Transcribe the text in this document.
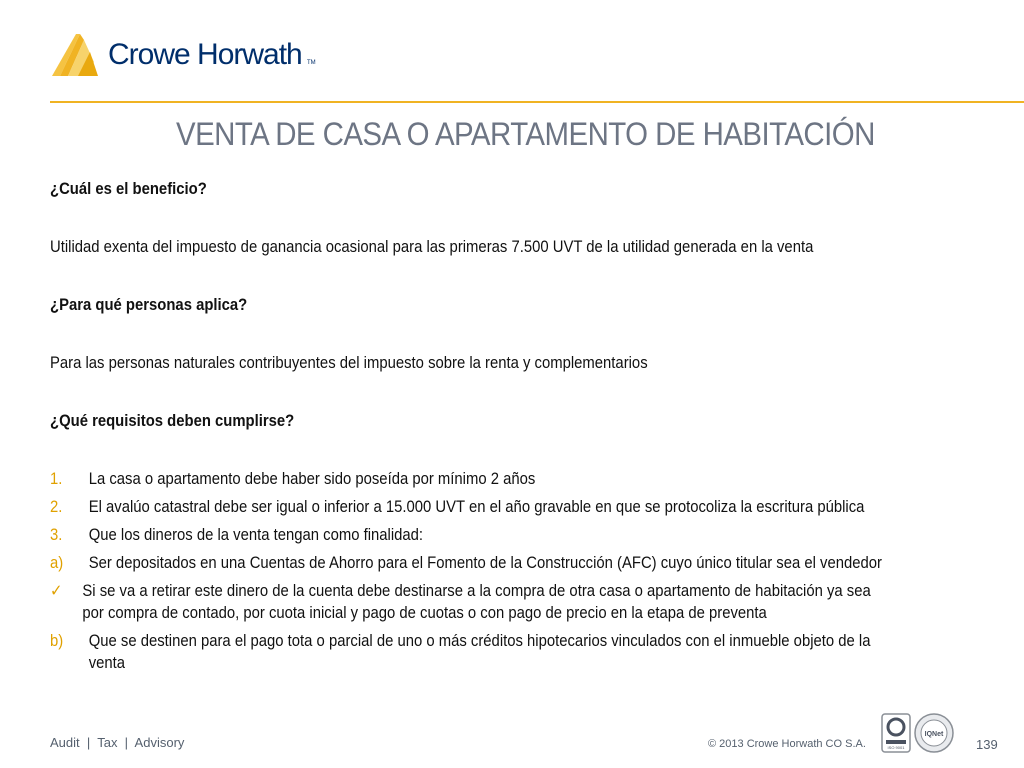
Crowe Horwath TM
VENTA DE CASA O APARTAMENTO DE HABITACIÓN

¿Cuál es el beneficio?

Utilidad exenta del impuesto de ganancia ocasional para las primeras 7.500 UVT de la utilidad generada en la venta

¿Para qué personas aplica?

Para las personas naturales contribuyentes del impuesto sobre la renta y complementarios

¿Qué requisitos deben cumplirse?

1.	La casa o apartamento debe haber sido poseída por mínimo 2 años
2.	El avalúo catastral debe ser igual o inferior a 15.000 UVT en el año gravable en que se protocoliza la escritura pública
3.	Que los dineros de la venta tengan como finalidad:
a)	Ser depositados en una Cuentas de Ahorro para el Fomento de la Construcción (AFC) cuyo único titular sea el vendedor
✓	Si se va a retirar este dinero de la cuenta debe destinarse a la compra de otra casa o apartamento de habitación ya sea por compra de contado, por cuota inicial y pago de cuotas o con pago de precio en la etapa de preventa
b)	Que se destinen para el pago tota o parcial de uno o más créditos hipotecarios vinculados con el inmueble objeto de la venta
Audit  |  Tax  |  Advisory	© 2013 Crowe Horwath CO S.A.	ISO 9001
IQNet
139
